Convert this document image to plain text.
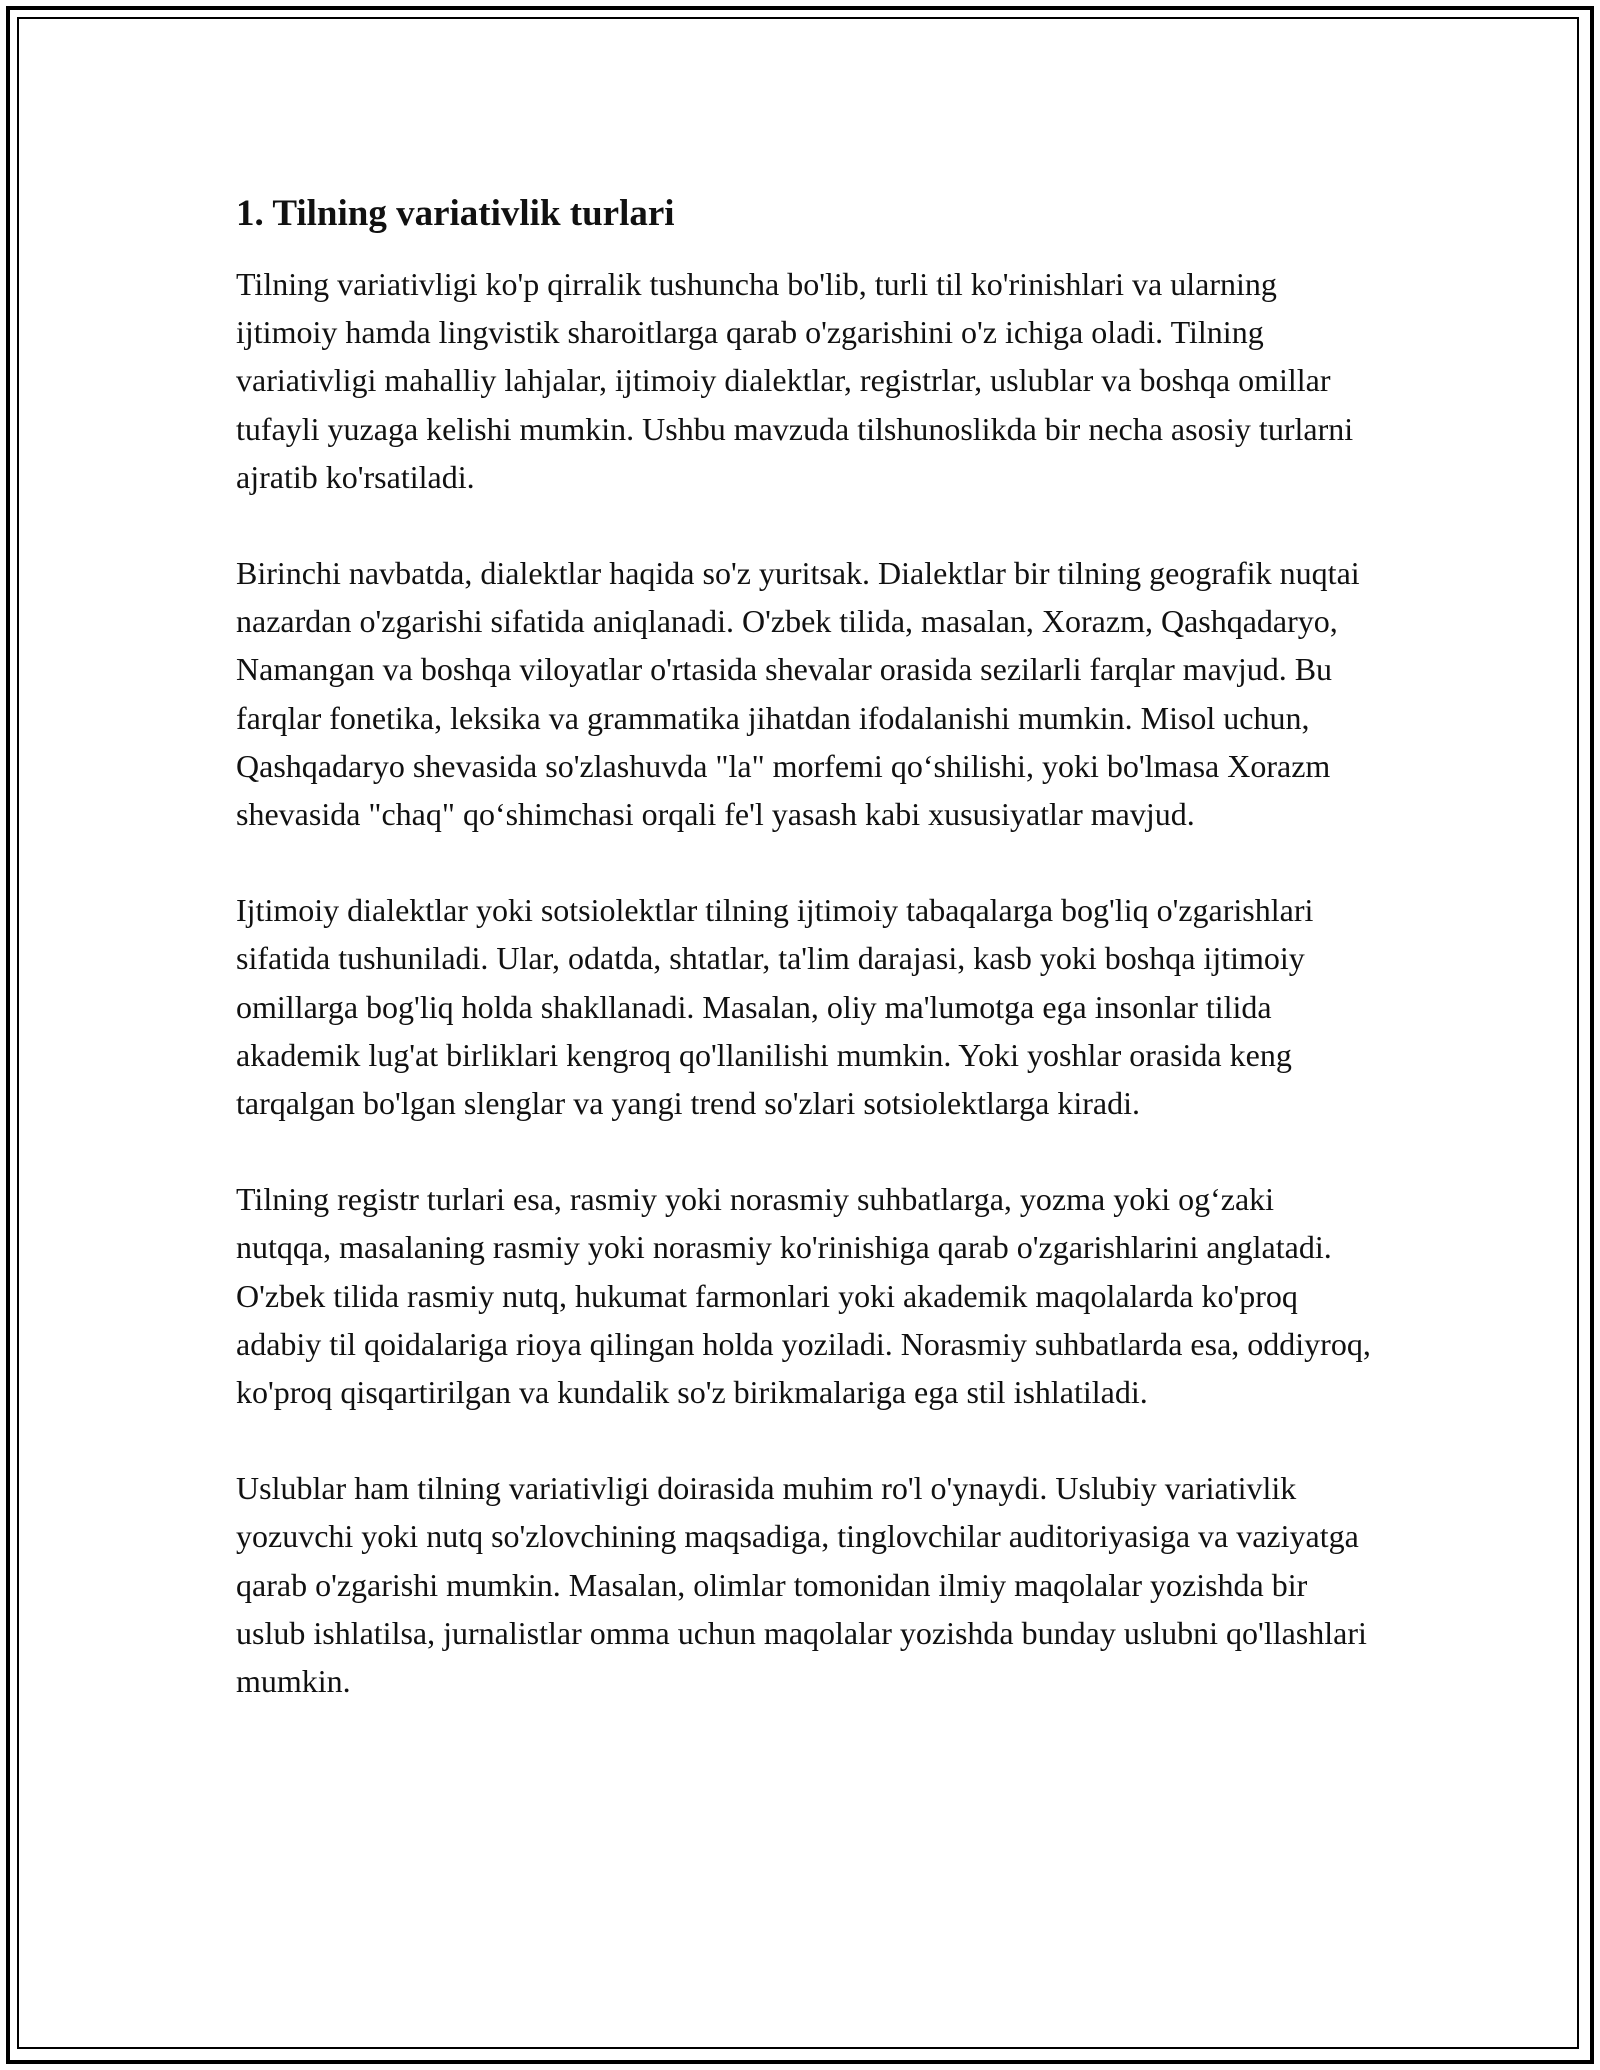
1. Tilning variativlik turlari

Tilning variativligi ko'p qirralik tushuncha bo'lib, turli til ko'rinishlari va ularning ijtimoiy hamda lingvistik sharoitlarga qarab o'zgarishini o'z ichiga oladi. Tilning variativligi mahalliy lahjalar, ijtimoiy dialektlar, registrlar, uslublar va boshqa omillar tufayli yuzaga kelishi mumkin. Ushbu mavzuda tilshunoslikda bir necha asosiy turlarni ajratib ko'rsatiladi.

Birinchi navbatda, dialektlar haqida so'z yuritsak. Dialektlar bir tilning geografik nuqtai nazardan o'zgarishi sifatida aniqlanadi. O'zbek tilida, masalan, Xorazm, Qashqadaryo, Namangan va boshqa viloyatlar o'rtasida shevalar orasida sezilarli farqlar mavjud. Bu farqlar fonetika, leksika va grammatika jihatdan ifodalanishi mumkin. Misol uchun, Qashqadaryo shevasida so'zlashuvda "la" morfemi qo‘shilishi, yoki bo'lmasa Xorazm shevasida "chaq" qo‘shimchasi orqali fe'l yasash kabi xususiyatlar mavjud.

Ijtimoiy dialektlar yoki sotsiolektlar tilning ijtimoiy tabaqalarga bog'liq o'zgarishlari sifatida tushuniladi. Ular, odatda, shtatlar, ta'lim darajasi, kasb yoki boshqa ijtimoiy omillarga bog'liq holda shakllanadi. Masalan, oliy ma'lumotga ega insonlar tilida akademik lug'at birliklari kengroq qo'llanilishi mumkin. Yoki yoshlar orasida keng tarqalgan bo'lgan slenglar va yangi trend so'zlari sotsiolektlarga kiradi.

Tilning registr turlari esa, rasmiy yoki norasmiy suhbatlarga, yozma yoki og‘zaki nutqqa, masalaning rasmiy yoki norasmiy ko'rinishiga qarab o'zgarishlarini anglatadi. O'zbek tilida rasmiy nutq, hukumat farmonlari yoki akademik maqolalarda ko'proq adabiy til qoidalariga rioya qilingan holda yoziladi. Norasmiy suhbatlarda esa, oddiyroq, ko'proq qisqartirilgan va kundalik so'z birikmalariga ega stil ishlatiladi.

Uslublar ham tilning variativligi doirasida muhim ro'l o'ynaydi. Uslubiy variativlik yozuvchi yoki nutq so'zlovchining maqsadiga, tinglovchilar auditoriyasiga va vaziyatga qarab o'zgarishi mumkin. Masalan, olimlar tomonidan ilmiy maqolalar yozishda bir uslub ishlatilsa, jurnalistlar omma uchun maqolalar yozishda bunday uslubni qo'llashlari mumkin.
